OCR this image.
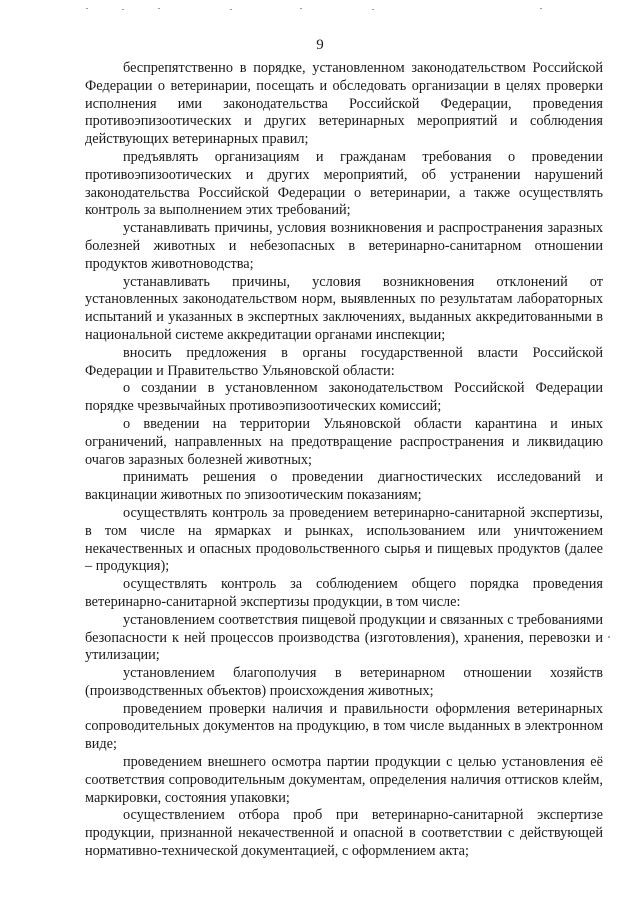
9

беспрепятственно в порядке, установленном законодательством Российской Федерации о ветеринарии, посещать и обследовать организации в целях проверки исполнения ими законодательства Российской Федерации, проведения противоэпизоотических и других ветеринарных мероприятий и соблюдения действующих ветеринарных правил;

предъявлять организациям и гражданам требования о проведении противоэпизоотических и других мероприятий, об устранении нарушений законодательства Российской Федерации о ветеринарии, а также осуществлять контроль за выполнением этих требований;

устанавливать причины, условия возникновения и распространения заразных болезней животных и небезопасных в ветеринарно-санитарном отношении продуктов животноводства;

устанавливать причины, условия возникновения отклонений от установленных законодательством норм, выявленных по результатам лабораторных испытаний и указанных в экспертных заключениях, выданных аккредитованными в национальной системе аккредитации органами инспекции;

вносить предложения в органы государственной власти Российской Федерации и Правительство Ульяновской области:

о создании в установленном законодательством Российской Федерации порядке чрезвычайных противоэпизоотических комиссий;

о введении на территории Ульяновской области карантина и иных ограничений, направленных на предотвращение распространения и ликвидацию очагов заразных болезней животных;

принимать решения о проведении диагностических исследований и вакцинации животных по эпизоотическим показаниям;

осуществлять контроль за проведением ветеринарно-санитарной экспертизы, в том числе на ярмарках и рынках, использованием или уничтожением некачественных и опасных продовольственного сырья и пищевых продуктов (далее – продукция);

осуществлять контроль за соблюдением общего порядка проведения ветеринарно-санитарной экспертизы продукции, в том числе:

установлением соответствия пищевой продукции и связанных с требованиями безопасности к ней процессов производства (изготовления), хранения, перевозки и утилизации;

установлением благополучия в ветеринарном отношении хозяйств (производственных объектов) происхождения животных;

проведением проверки наличия и правильности оформления ветеринарных сопроводительных документов на продукцию, в том числе выданных в электронном виде;

проведением внешнего осмотра партии продукции с целью установления её соответствия сопроводительным документам, определения наличия оттисков клейм, маркировки, состояния упаковки;

осуществлением отбора проб при ветеринарно-санитарной экспертизе продукции, признанной некачественной и опасной в соответствии с действующей нормативно-технической документацией, с оформлением акта;
